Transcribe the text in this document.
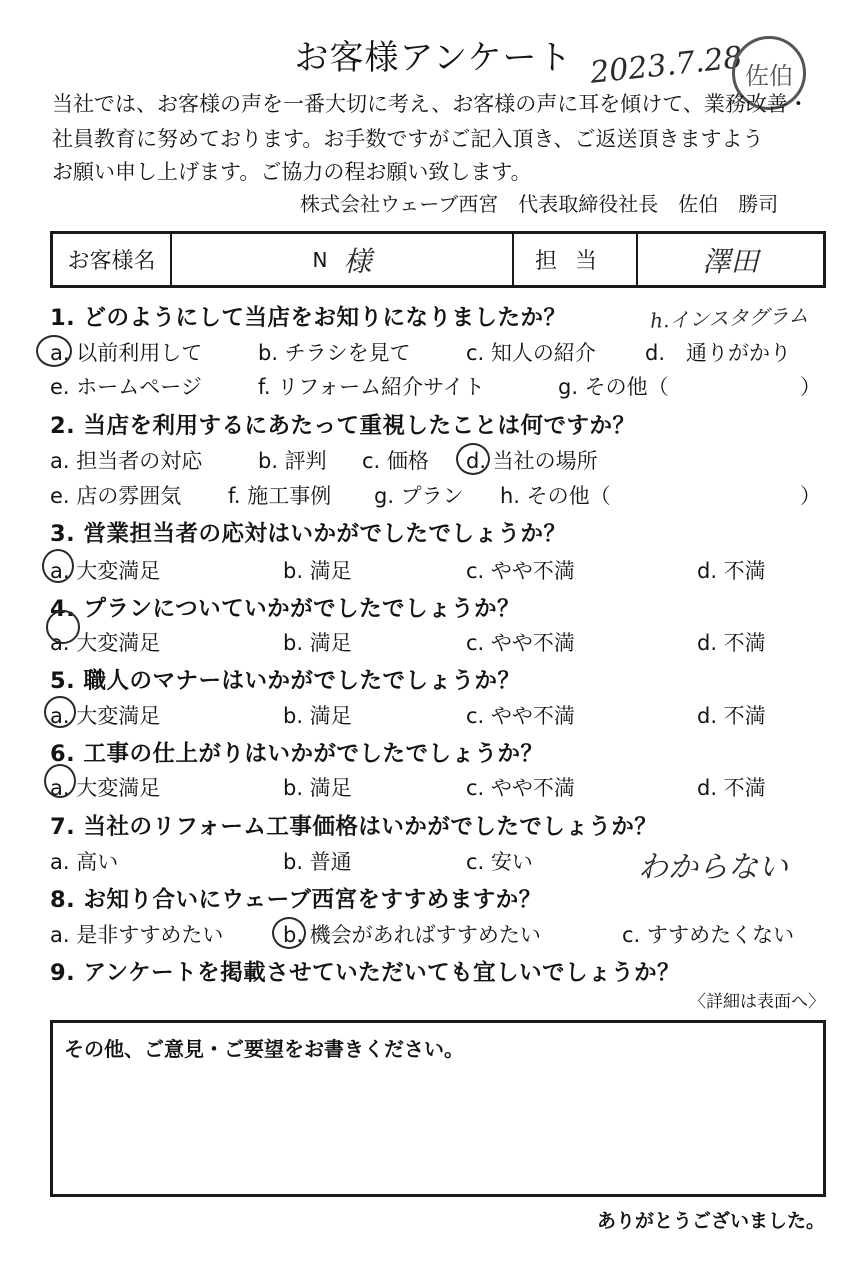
お客様アンケート 2023.7.28 佐伯
当社では、お客様の声を一番大切に考え、お客様の声に耳を傾けて、業務改善・
社員教育に努めております。お手数ですがご記入頂き、ご返送頂きますよう
お願い申し上げます。ご協力の程お願い致します。
株式会社ウェーブ西宮　代表取締役社長　佐伯　勝司
お客様名	N 様	担当	澤田
1. どのようにして当店をお知りになりましたか？	h.インスタグラム
a. 以前利用して	b. チラシを見て	c. 知人の紹介 d.　通りがかり
e. ホームページ	f. リフォーム紹介サイト	g. その他（	）
2. 当店を利用するにあたって重視したことは何ですか？
a. 担当者の対応	b. 評判 c. 価格 d. 当社の場所
e. 店の雰囲気 f. 施工事例 g. プラン h. その他（	）
3. 営業担当者の応対はいかがでしたでしょうか？
a. 大変満足	b. 満足	c. やや不満	d. 不満
4. プランについていかがでしたでしょうか？
a. 大変満足	b. 満足	c. やや不満	d. 不満
5. 職人のマナーはいかがでしたでしょうか？
a. 大変満足	b. 満足	c. やや不満	d. 不満
6. 工事の仕上がりはいかがでしたでしょうか？
a. 大変満足	b. 満足	c. やや不満	d. 不満
7. 当社のリフォーム工事価格はいかがでしたでしょうか？
a. 高い	b. 普通	c. 安い	わからない
8. お知り合いにウェーブ西宮をすすめますか？
a. 是非すすめたい	b. 機会があればすすめたい	c. すすめたくない
9. アンケートを掲載させていただいても宜しいでしょうか？
〈詳細は表面へ〉
その他、ご意見・ご要望をお書きください。
ありがとうございました。
